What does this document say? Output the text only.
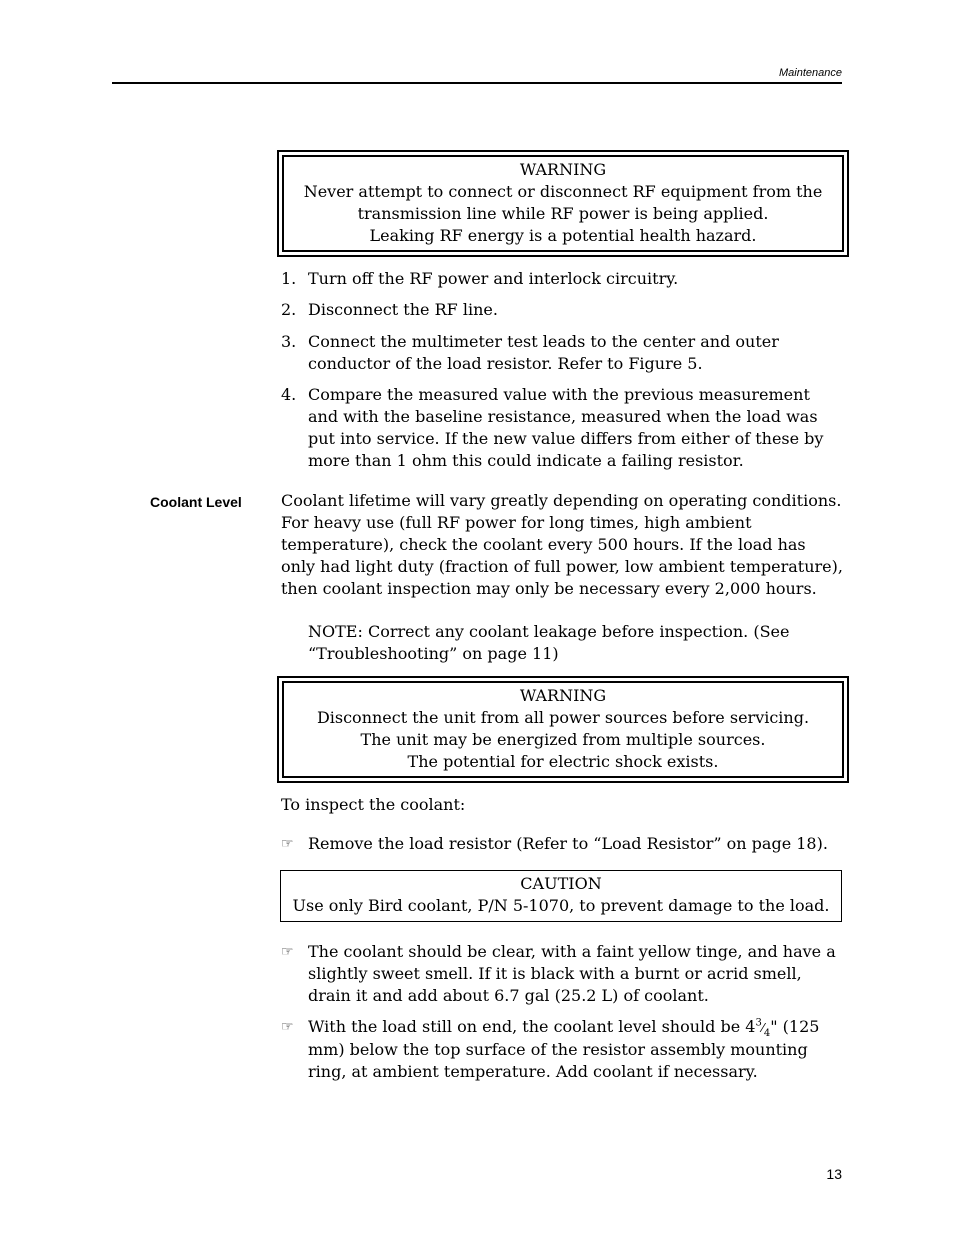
Maintenance
WARNING
Never attempt to connect or disconnect RF equipment from the
transmission line while RF power is being applied.
Leaking RF energy is a potential health hazard.
1. Turn off the RF power and interlock circuitry.
2. Disconnect the RF line.
3. Connect the multimeter test leads to the center and outer conductor of the load resistor. Refer to Figure 5.
4. Compare the measured value with the previous measurement and with the baseline resistance, measured when the load was put into service. If the new value differs from either of these by more than 1 ohm this could indicate a failing resistor.
Coolant Level Coolant lifetime will vary greatly depending on operating conditions. For heavy use (full RF power for long times, high ambient temperature), check the coolant every 500 hours. If the load has only had light duty (fraction of full power, low ambient temperature), then coolant inspection may only be necessary every 2,000 hours.
NOTE: Correct any coolant leakage before inspection. (See “Troubleshooting” on page 11)
WARNING
Disconnect the unit from all power sources before servicing.
The unit may be energized from multiple sources.
The potential for electric shock exists.
To inspect the coolant:
☞ Remove the load resistor (Refer to “Load Resistor” on page 18).
CAUTION
Use only Bird coolant, P/N 5-1070, to prevent damage to the load.
☞ The coolant should be clear, with a faint yellow tinge, and have a slightly sweet smell. If it is black with a burnt or acrid smell, drain it and add about 6.7 gal (25.2 L) of coolant.
☞ With the load still on end, the coolant level should be $4^3⁄_4$" (125 mm) below the top surface of the resistor assembly mounting ring, at ambient temperature. Add coolant if necessary.
13
